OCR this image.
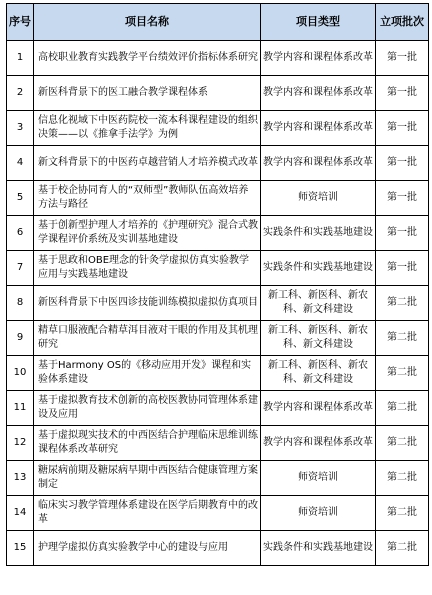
序号	项目名称	项目类型	立项批次
1	高校职业教育实践教学平台绩效评价指标体系研究	教学内容和课程体系改革	第一批
2	新医科背景下的医工融合教学课程体系	教学内容和课程体系改革	第一批
3	信息化视域下中医药院校一流本科课程建设的组织决策——以《推拿手法学》为例	教学内容和课程体系改革	第一批
4	新文科背景下的中医药卓越营销人才培养模式改革	教学内容和课程体系改革	第一批
5	基于校企协同育人的“双师型”教师队伍高效培养方法与路径	师资培训	第一批
6	基于创新型护理人才培养的《护理研究》混合式教学课程评价系统及实训基地建设	实践条件和实践基地建设	第一批
7	基于思政和OBE理念的针灸学虚拟仿真实验教学应用与实践基地建设	实践条件和实践基地建设	第一批
8	新医科背景下中医四诊技能训练模拟虚拟仿真项目	新工科、新医科、新农科、新文科建设	第二批
9	精草口服液配合精草洱目液对干眼的作用及其机理研究	新工科、新医科、新农科、新文科建设	第二批
10	基于Harmony OS的《移动应用开发》课程和实验体系建设	新工科、新医科、新农科、新文科建设	第二批
11	基于虚拟教育技术创新的高校医教协同管理体系建设及应用	教学内容和课程体系改革	第二批
12	基于虚拟现实技术的中西医结合护理临床思维训练课程体系改革研究	教学内容和课程体系改革	第二批
13	糖尿病前期及糖尿病早期中西医结合健康管理方案制定	师资培训	第二批
14	临床实习教学管理体系建设在医学后期教育中的改革	师资培训	第二批
15	护理学虚拟仿真实验教学中心的建设与应用	实践条件和实践基地建设	第二批
